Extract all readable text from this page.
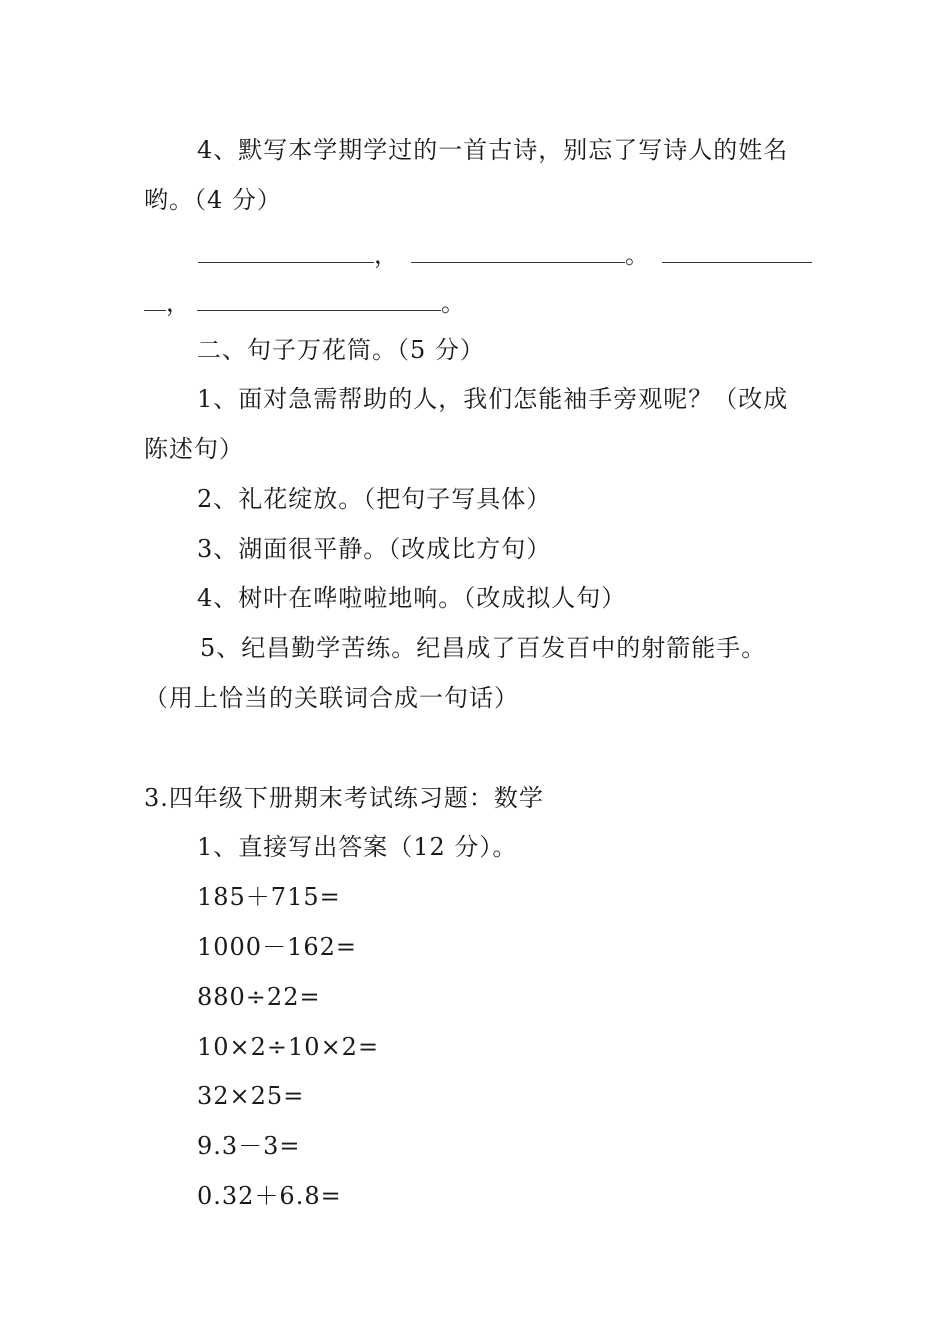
4、默写本学期学过的一首古诗，别忘了写诗人的姓名
哟。（4 分）
，	。
，	。
二、句子万花筒。（5 分）
1、面对急需帮助的人，我们怎能袖手旁观呢？（改成
陈述句）
2、礼花绽放。（把句子写具体）
3、湖面很平静。（改成比方句）
4、树叶在哗啦啦地响。（改成拟人句）
5、纪昌勤学苦练。纪昌成了百发百中的射箭能手。
（用上恰当的关联词合成一句话）
3.四年级下册期末考试练习题：数学
1、直接写出答案（12 分）。
185＋715=
1000－162=
880÷22=
10×2÷10×2=
32×25=
9.3－3=
0.32＋6.8=
